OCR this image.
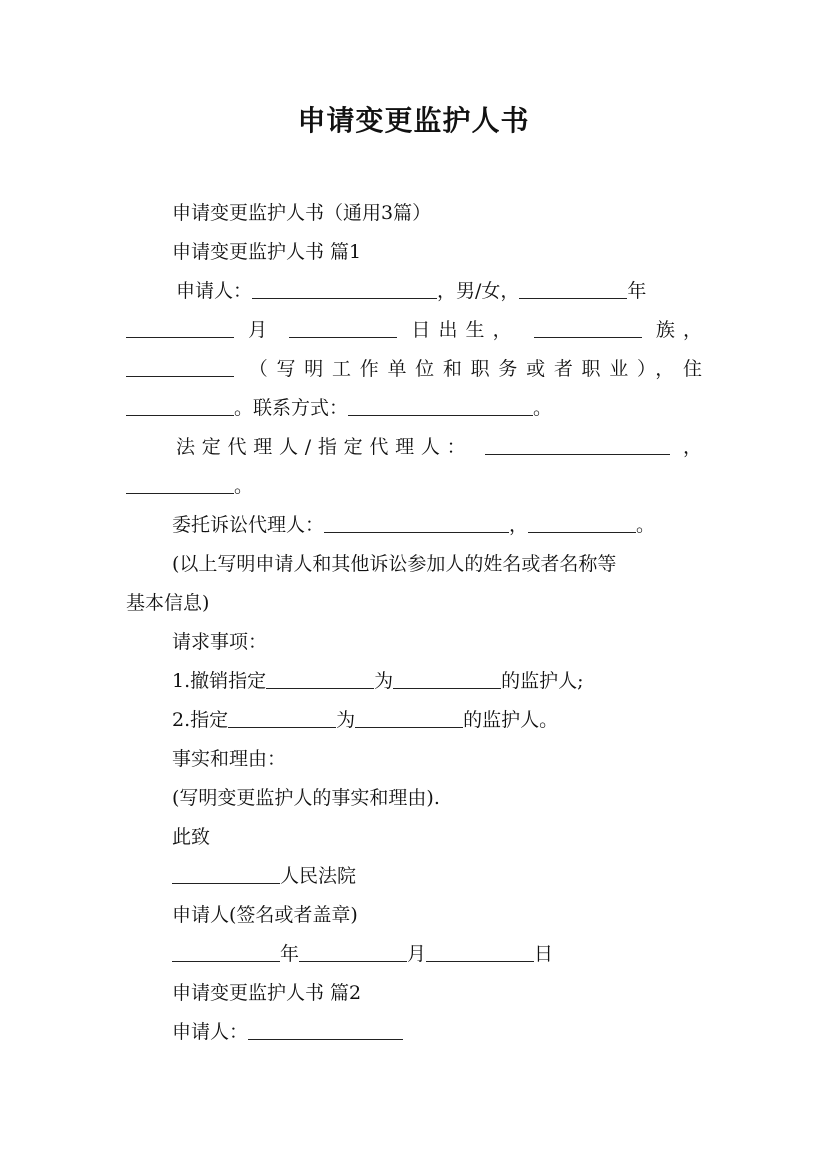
申请变更监护人书

申请变更监护人书（通用3篇）

申请变更监护人书 篇1

申请人：	，男/女，	年

月	日出生，	族，

（写明工作单位和职务或者职业），住

。联系方式：	。

法定代理人/指定代理人：	，

。

委托诉讼代理人：	，	。

(以上写明申请人和其他诉讼参加人的姓名或者名称等

基本信息)

请求事项：

1.撤销指定	为	的监护人;

2.指定	为	的监护人。

事实和理由：

(写明变更监护人的事实和理由).

此致

人民法院

申请人(签名或者盖章)

年	月	日

申请变更监护人书 篇2

申请人：
